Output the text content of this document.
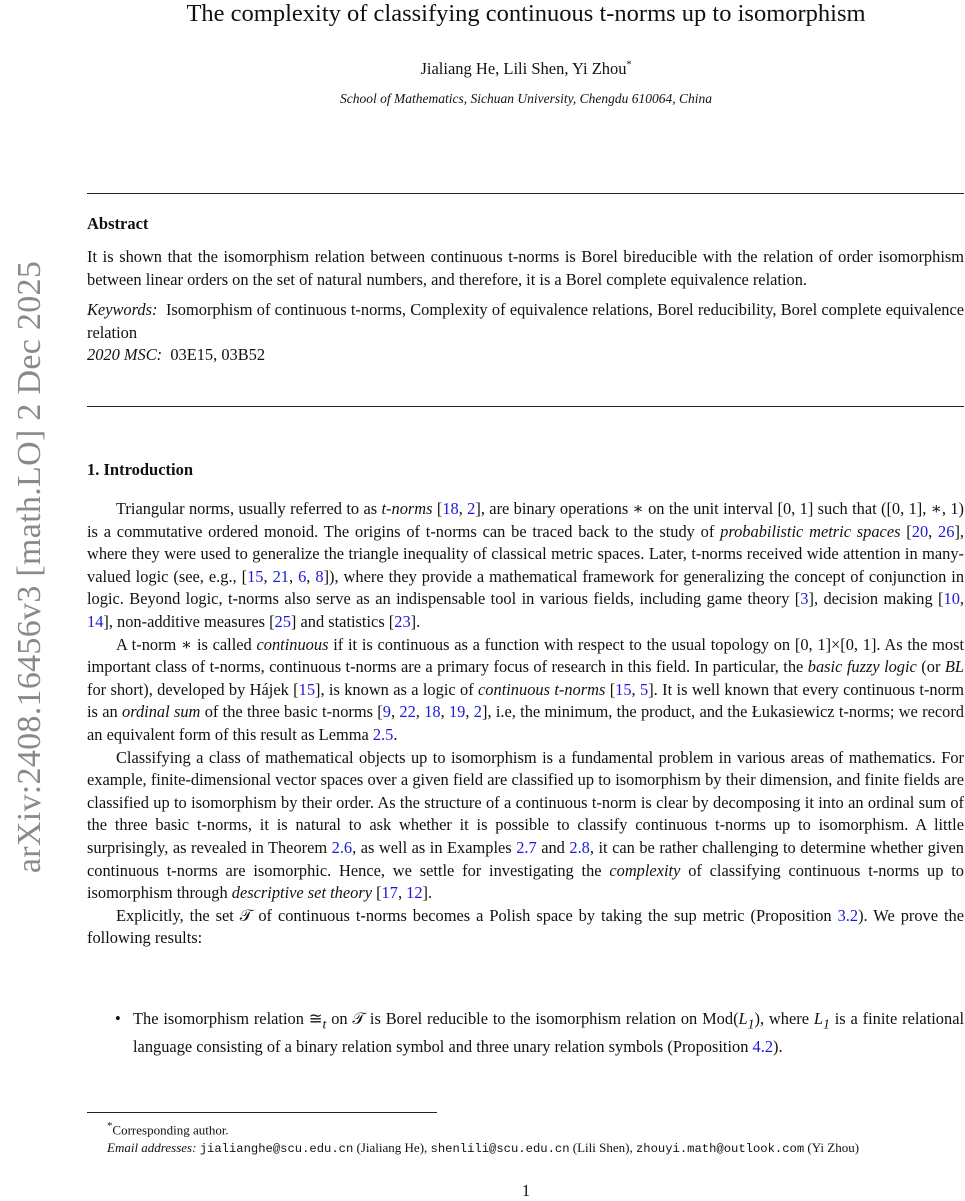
arXiv:2408.16456v3 [math.LO] 2 Dec 2025
The complexity of classifying continuous t-norms up to isomorphism
Jialiang He, Lili Shen, Yi Zhou*
School of Mathematics, Sichuan University, Chengdu 610064, China
Abstract

It is shown that the isomorphism relation between continuous t-norms is Borel bireducible with the relation of order isomorphism between linear orders on the set of natural numbers, and therefore, it is a Borel complete equivalence relation.

Keywords: Isomorphism of continuous t-norms, Complexity of equivalence relations, Borel reducibility, Borel complete equivalence relation

2020 MSC: 03E15, 03B52

1. Introduction

Triangular norms, usually referred to as t-norms [18, 2], are binary operations ∗ on the unit interval [0, 1] such that ([0, 1], ∗, 1) is a commutative ordered monoid. The origins of t-norms can be traced back to the study of probabilistic metric spaces [20, 26], where they were used to generalize the triangle inequality of classical metric spaces. Later, t-norms received wide attention in many-valued logic (see, e.g., [15, 21, 6, 8]), where they provide a mathematical framework for generalizing the concept of conjunction in logic. Beyond logic, t-norms also serve as an indispensable tool in various fields, including game theory [3], decision making [10, 14], non-additive measures [25] and statistics [23].

A t-norm ∗ is called continuous if it is continuous as a function with respect to the usual topology on [0, 1]×[0, 1]. As the most important class of t-norms, continuous t-norms are a primary focus of research in this field. In particular, the basic fuzzy logic (or BL for short), developed by Hájek [15], is known as a logic of continuous t-norms [15, 5]. It is well known that every continuous t-norm is an ordinal sum of the three basic t-norms [9, 22, 18, 19, 2], i.e, the minimum, the product, and the Łukasiewicz t-norms; we record an equivalent form of this result as Lemma 2.5.

Classifying a class of mathematical objects up to isomorphism is a fundamental problem in various areas of mathematics. For example, finite-dimensional vector spaces over a given field are classified up to isomorphism by their dimension, and finite fields are classified up to isomorphism by their order. As the structure of a continuous t-norm is clear by decomposing it into an ordinal sum of the three basic t-norms, it is natural to ask whether it is possible to classify continuous t-norms up to isomorphism. A little surprisingly, as revealed in Theorem 2.6, as well as in Examples 2.7 and 2.8, it can be rather challenging to determine whether given continuous t-norms are isomorphic. Hence, we settle for investigating the complexity of classifying continuous t-norms up to isomorphism through descriptive set theory [17, 12].

Explicitly, the set 𝒯 of continuous t-norms becomes a Polish space by taking the sup metric (Proposition 3.2). We prove the following results:

• The isomorphism relation $≅_t$ on 𝒯 is Borel reducible to the isomorphism relation on $Mod(L_1)$, where $L_1$ is a finite relational language consisting of a binary relation symbol and three unary relation symbols (Proposition 4.2).
*Corresponding author.
Email addresses: jialianghe@scu.edu.cn (Jialiang He), shenlili@scu.edu.cn (Lili Shen), zhouyi.math@outlook.com (Yi Zhou)
1
